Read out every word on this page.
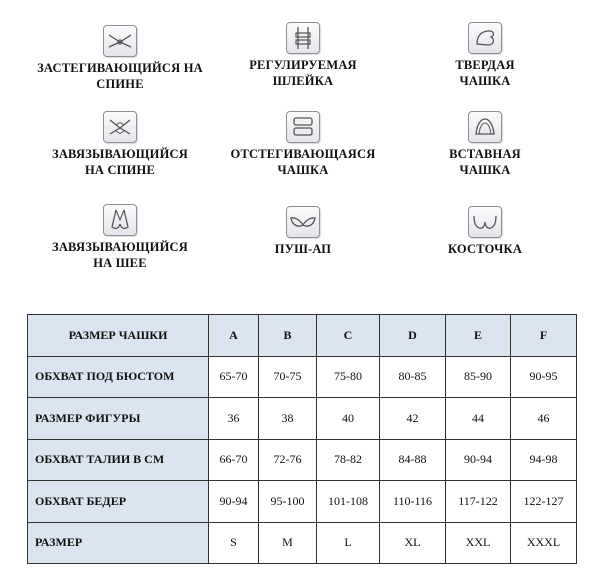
ЗАСТЕГИВАЮЩИЙСЯ НА
СПИНЕ
РЕГУЛИРУЕМАЯ
ШЛЕЙКА
ТВЕРДАЯ
ЧАШКА
ЗАВЯЗЫВАЮЩИЙСЯ
НА СПИНЕ
ОТСТЕГИВАЮЩАЯСЯ
ЧАШКА
ВСТАВНАЯ
ЧАШКА
ЗАВЯЗЫВАЮЩИЙСЯ
НА ШЕЕ
ПУШ-АП	КОСТОЧКА
РАЗМЕР ЧАШКИ	A	B	C	D	E	F
ОБХВАТ ПОД БЮСТОМ	65-70	70-75	75-80	80-85	85-90	90-95
РАЗМЕР ФИГУРЫ	36	38	40	42	44	46
ОБХВАТ ТАЛИИ В СМ	66-70	72-76	78-82	84-88	90-94	94-98
ОБХВАТ БЕДЕР	90-94	95-100	101-108	110-116	117-122	122-127
РАЗМЕР	S	M	L	XL	XXL	XXXL
